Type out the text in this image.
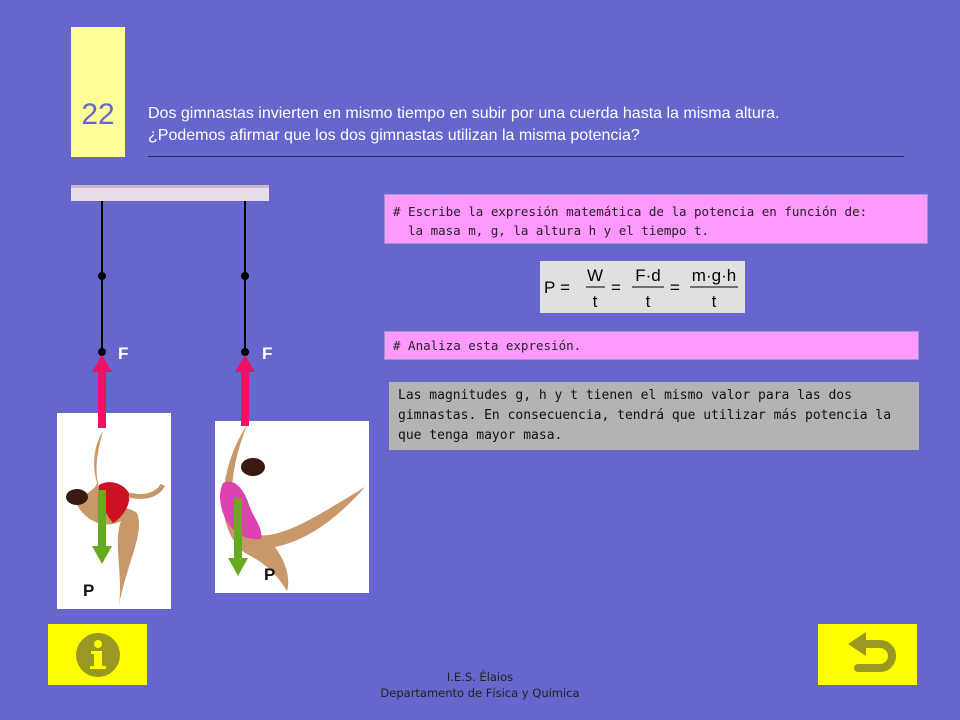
22	Dos gimnastas invierten en mismo tiempo en subir por una cuerda hasta la misma altura.
¿Podemos afirmar que los dos gimnastas utilizan la misma potencia?
# Escribe la expresión matemática de la potencia en función de:
la masa m, g, la altura h y el tiempo t.
P =
W
t
=
F·d
t
=
m·g·h
t
# Analiza esta expresión.
Las magnitudes g, h y t tienen el mismo valor para las dos gimnastas. En consecuencia, tendrá que utilizar más potencia la que tenga mayor masa.
F	F
P
P
I.E.S. Élaios
Departamento de Física y Química
